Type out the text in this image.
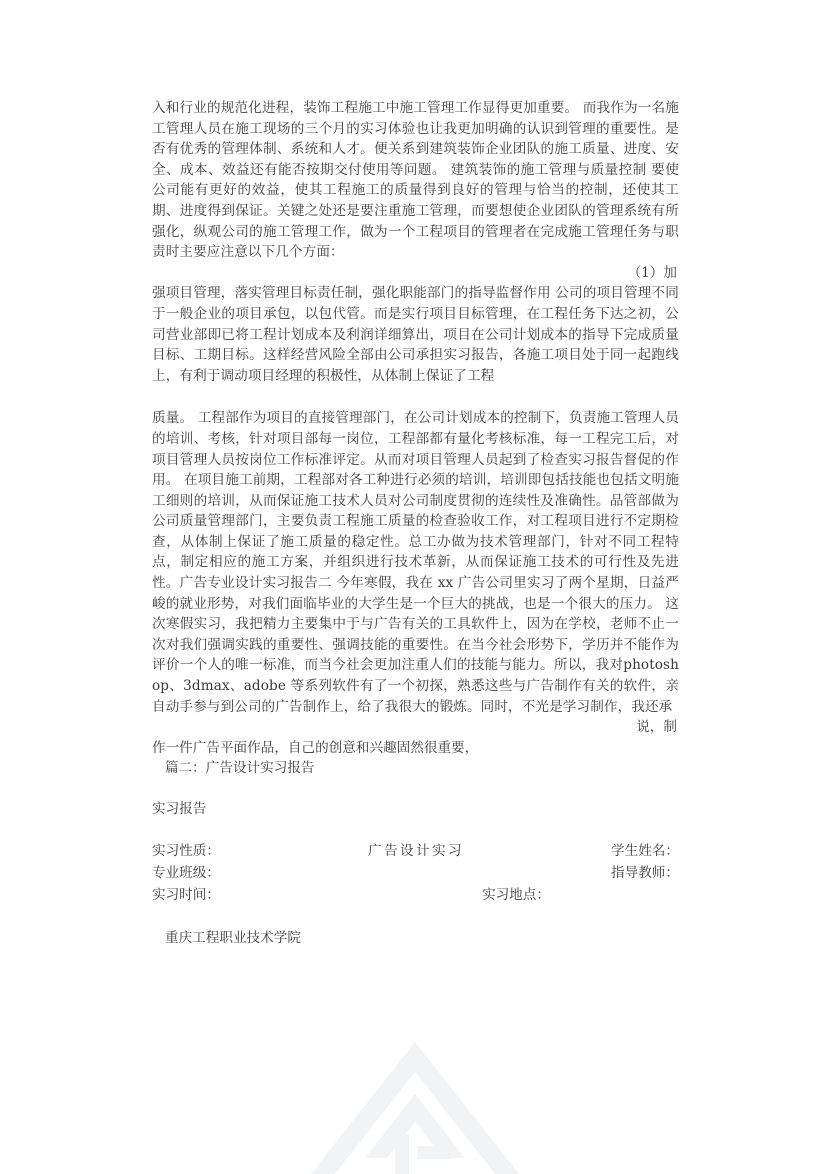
入和行业的规范化进程，装饰工程施工中施工管理工作显得更加重要。 而我作为一名施工管理人员在施工现场的三个月的实习体验也让我更加明确的认识到管理的重要性。是否有优秀的管理体制、系统和人才。便关系到建筑装饰企业团队的施工质量、进度、安全、成本、效益还有能否按期交付使用等问题。 建筑装饰的施工管理与质量控制 要使公司能有更好的效益，使其工程施工的质量得到良好的管理与恰当的控制，还使其工期、进度得到保证。关键之处还是要注重施工管理，而要想使企业团队的管理系统有所强化，纵观公司的施工管理工作，做为一个工程项目的管理者在完成施工管理任务与职责时主要应注意以下几个方面：

（1）加

强项目管理，落实管理目标责任制，强化职能部门的指导监督作用 公司的项目管理不同于一般企业的项目承包，以包代管。而是实行项目目标管理，在工程任务下达之初，公司营业部即已将工程计划成本及利润详细算出，项目在公司计划成本的指导下完成质量目标、工期目标。这样经营风险全部由公司承担实习报告，各施工项目处于同一起跑线上，有利于调动项目经理的积极性，从体制上保证了工程

质量。 工程部作为项目的直接管理部门，在公司计划成本的控制下，负责施工管理人员的培训、考核，针对项目部每一岗位，工程部都有量化考核标准，每一工程完工后，对项目管理人员按岗位工作标准评定。从而对项目管理人员起到了检查实习报告督促的作用。 在项目施工前期，工程部对各工种进行必须的培训，培训即包括技能也包括文明施工细则的培训，从而保证施工技术人员对公司制度贯彻的连续性及准确性。品管部做为公司质量管理部门，主要负责工程施工质量的检查验收工作，对工程项目进行不定期检查，从体制上保证了施工质量的稳定性。总工办做为技术管理部门，针对不同工程特点，制定相应的施工方案，并组织进行技术革新，从而保证施工技术的可行性及先进性。广告专业设计实习报告二 今年寒假，我在 xx 广告公司里实习了两个星期，日益严峻的就业形势，对我们面临毕业的大学生是一个巨大的挑战，也是一个很大的压力。 这次寒假实习，我把精力主要集中于与广告有关的工具软件上，因为在学校，老师不止一次对我们强调实践的重要性、强调技能的重要性。在当今社会形势下，学历并不能作为评价一个人的唯一标准，而当今社会更加注重人们的技能与能力。所以，我对photoshop、3dmax、adobe 等系列软件有了一个初探，熟悉这些与广告制作有关的软件，亲自动手参与到公司的广告制作上，给了我很大的锻炼。同时，不光是学习制作，我还承

说，制

作一件广告平面作品，自己的创意和兴趣固然很重要，

篇二：广告设计实习报告

实习报告

实习性质：	广告设计实习	学生姓名：
专业班级：	指导教师：
实习时间：	实习地点：

重庆工程职业技术学院
